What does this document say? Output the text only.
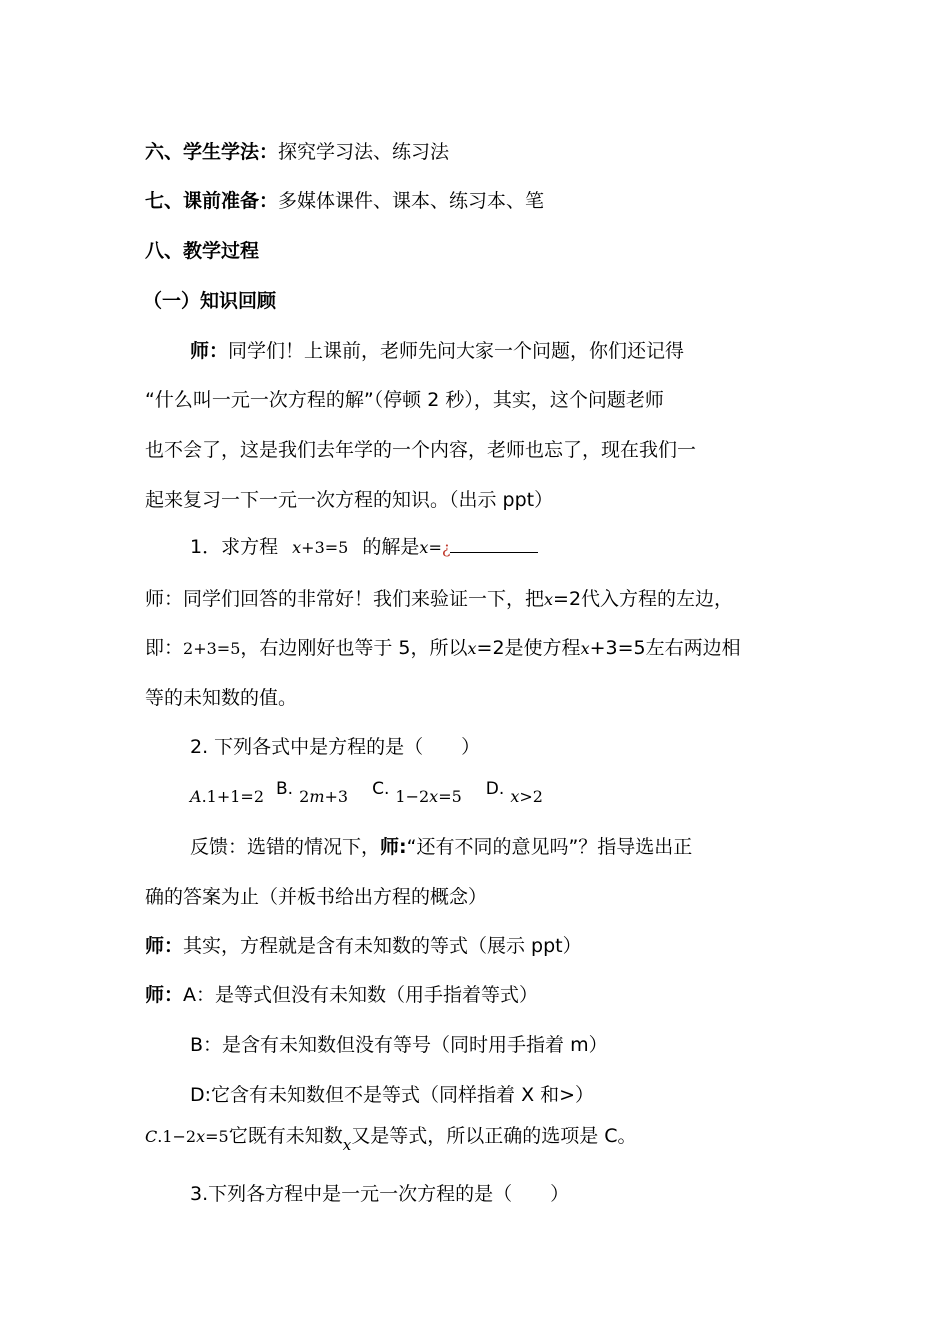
六、学生学法：探究学习法、练习法
七、课前准备：多媒体课件、课本、练习本、笔
八、教学过程
（一）知识回顾
师：同学们！上课前，老师先问大家一个问题，你们还记得
“什么叫一元一次方程的解”（停顿 2 秒），其实，这个问题老师
也不会了，这是我们去年学的一个内容，老师也忘了，现在我们一
起来复习一下一元一次方程的知识。（出示 ppt）
1．求方程 x+3=5 的解是x=¿
师：同学们回答的非常好！我们来验证一下，把x=2代入方程的左边，
即：2+3=5，右边刚好也等于 5，所以x=2是使方程x+3=5左右两边相
等的未知数的值。
2. 下列各式中是方程的是（　　）
A.1+1=2 B. 2m+3 C. 1−2x=5 D. x>2
反馈：选错的情况下，师:“还有不同的意见吗”？指导选出正
确的答案为止（并板书给出方程的概念）
师：其实，方程就是含有未知数的等式（展示 ppt）
师：A：是等式但没有未知数（用手指着等式）
B：是含有未知数但没有等号（同时用手指着 m）
D:它含有未知数但不是等式（同样指着 X 和>）
C.1−2x=5它既有未知数$_x$又是等式，所以正确的选项是 C。
3.下列各方程中是一元一次方程的是（　　）
